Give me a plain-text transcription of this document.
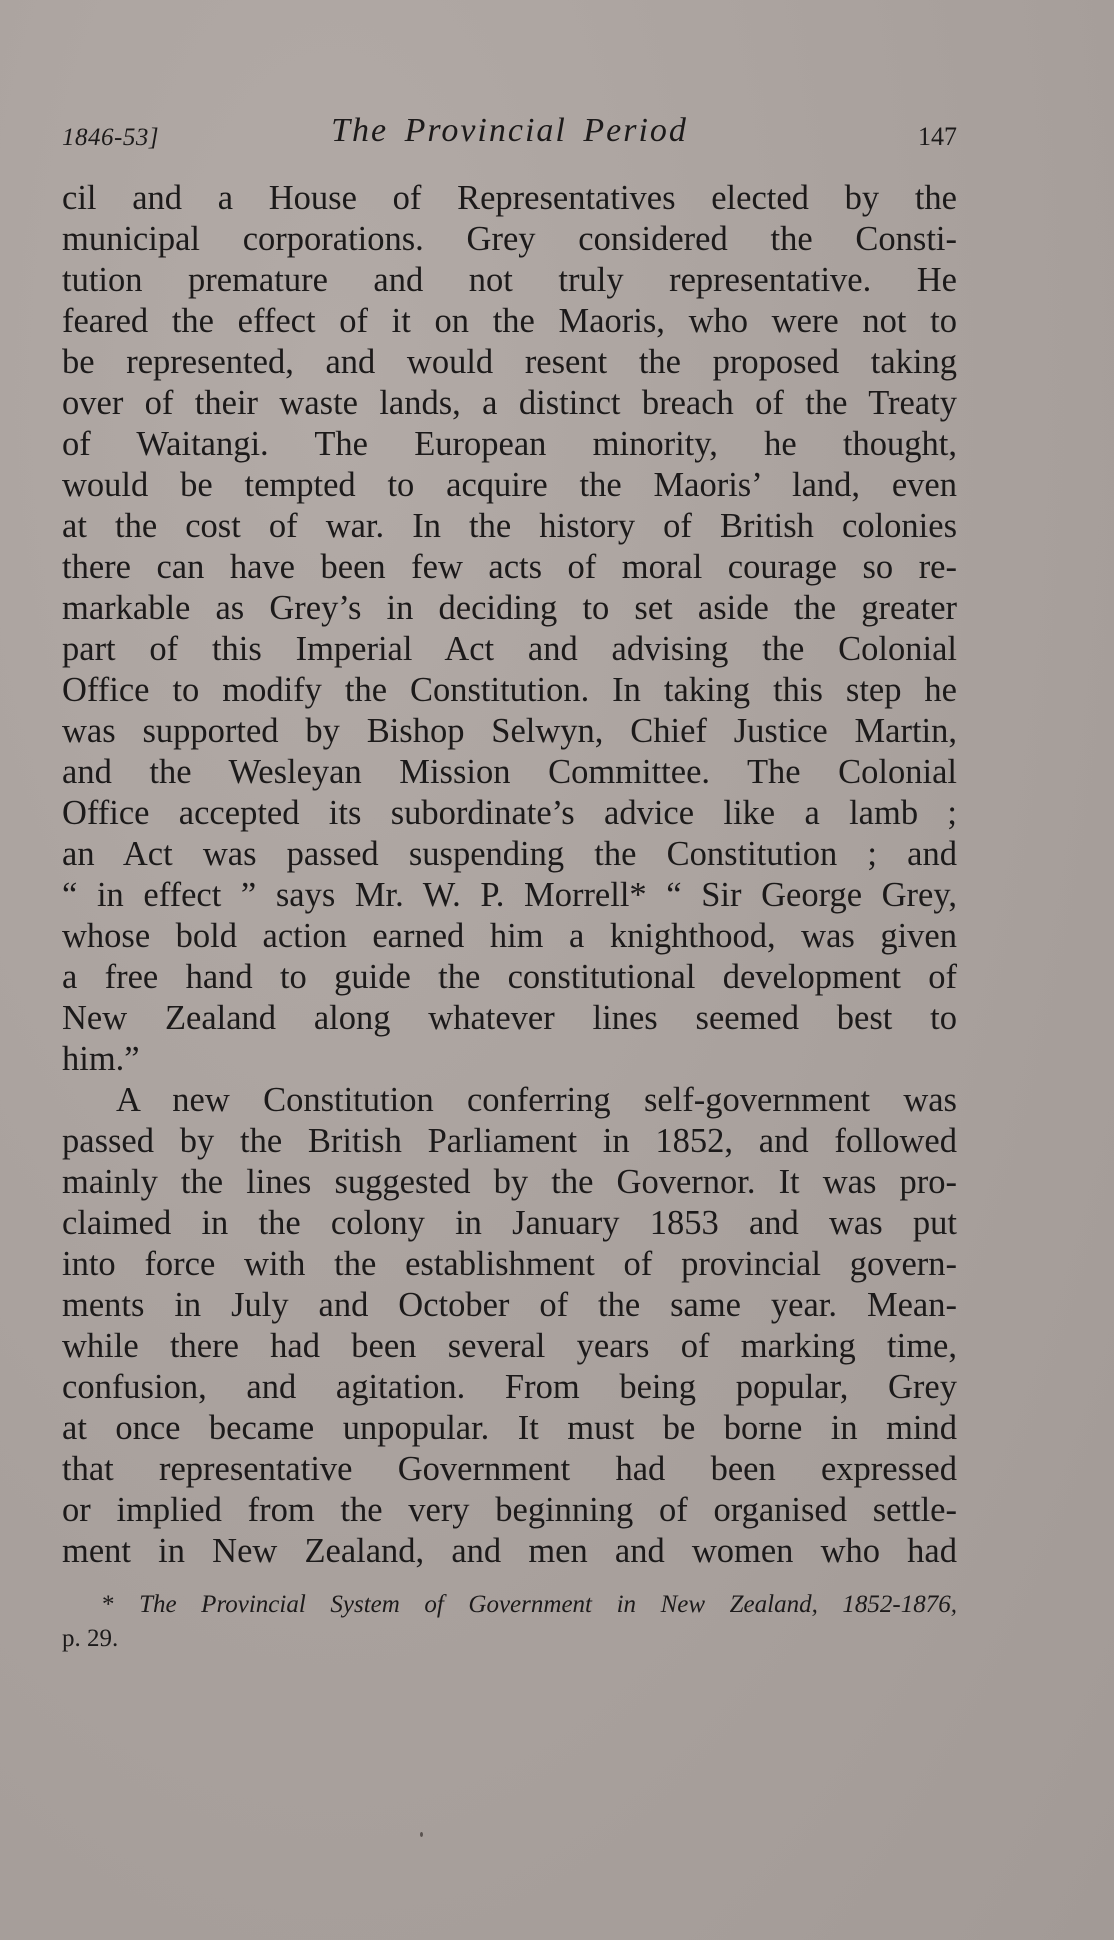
1846-53]	The Provincial Period	147
cil and a House of Representatives elected by the
municipal corporations. Grey considered the Consti-
tution premature and not truly representative. He
feared the effect of it on the Maoris, who were not to
be represented, and would resent the proposed taking
over of their waste lands, a distinct breach of the Treaty
of Waitangi. The European minority, he thought,
would be tempted to acquire the Maoris’ land, even
at the cost of war. In the history of British colonies
there can have been few acts of moral courage so re-
markable as Grey’s in deciding to set aside the greater
part of this Imperial Act and advising the Colonial
Office to modify the Constitution. In taking this step he
was supported by Bishop Selwyn, Chief Justice Martin,
and the Wesleyan Mission Committee. The Colonial
Office accepted its subordinate’s advice like a lamb ;
an Act was passed suspending the Constitution ; and
“ in effect ” says Mr. W. P. Morrell* “ Sir George Grey,
whose bold action earned him a knighthood, was given
a free hand to guide the constitutional development of
New Zealand along whatever lines seemed best to
him.”
A new Constitution conferring self-government was
passed by the British Parliament in 1852, and followed
mainly the lines suggested by the Governor. It was pro-
claimed in the colony in January 1853 and was put
into force with the establishment of provincial govern-
ments in July and October of the same year. Mean-
while there had been several years of marking time,
confusion, and agitation. From being popular, Grey
at once became unpopular. It must be borne in mind
that representative Government had been expressed
or implied from the very beginning of organised settle-
ment in New Zealand, and men and women who had
* The Provincial System of Government in New Zealand, 1852-1876,
p. 29.
